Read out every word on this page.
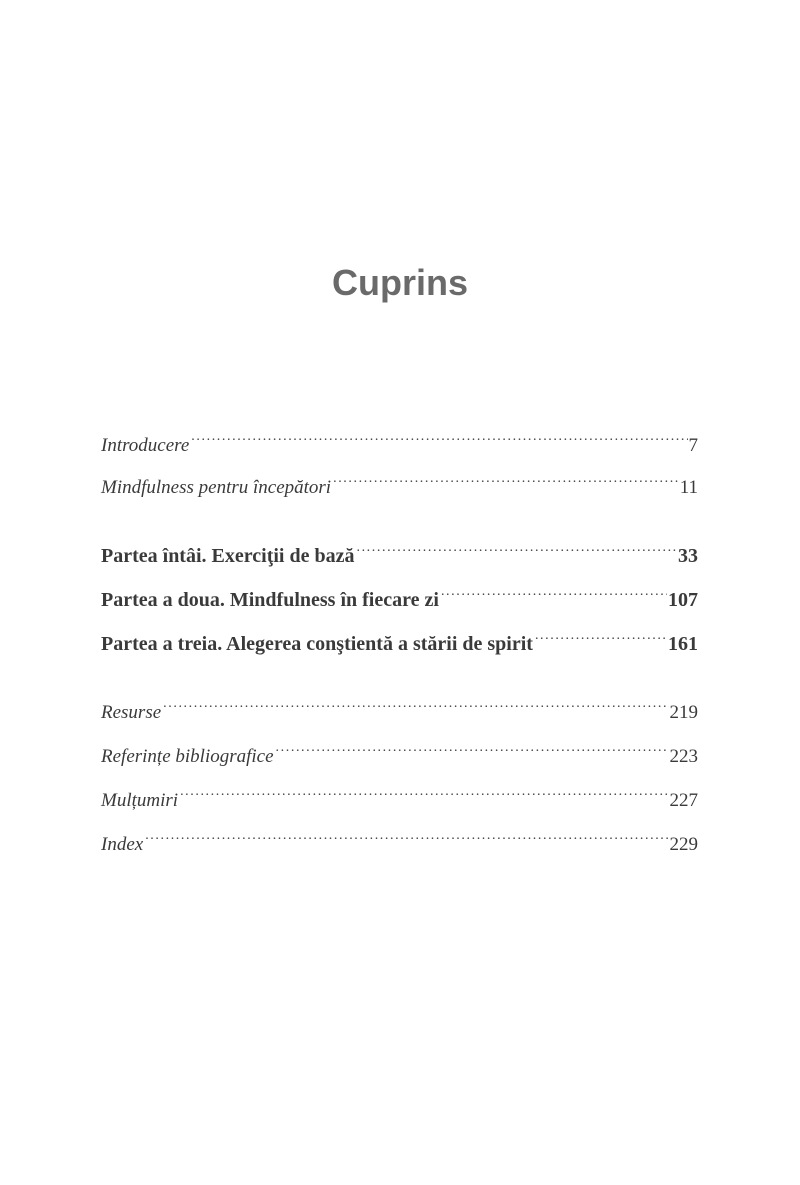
Cuprins
Introducere .....	7
Mindfulness pentru începători .....	11
Partea întâi. Exerciţii de bază .....	33
Partea a doua. Mindfulness în fiecare zi .....	107
Partea a treia. Alegerea conştientă a stării de spirit .....	161
Resurse .....	219
Referințe bibliografice .....	223
Mulțumiri .....	227
Index .....	229
